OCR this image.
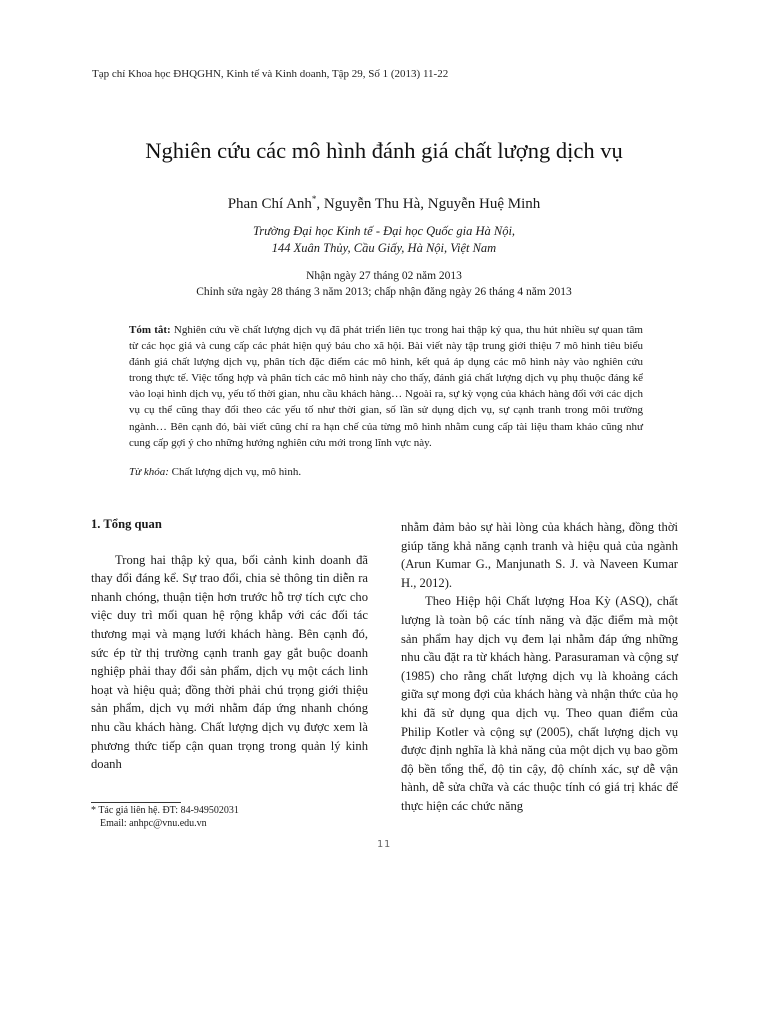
Tạp chí Khoa học ĐHQGHN, Kinh tế và Kinh doanh, Tập 29, Số 1 (2013) 11-22
Nghiên cứu các mô hình đánh giá chất lượng dịch vụ
Phan Chí Anh*, Nguyễn Thu Hà, Nguyễn Huệ Minh
Trường Đại học Kinh tế - Đại học Quốc gia Hà Nội,
144 Xuân Thủy, Cầu Giấy, Hà Nội, Việt Nam
Nhận ngày 27 tháng 02 năm 2013
Chỉnh sửa ngày 28 tháng 3 năm 2013; chấp nhận đăng ngày 26 tháng 4 năm 2013
Tóm tắt: Nghiên cứu về chất lượng dịch vụ đã phát triển liên tục trong hai thập kỷ qua, thu hút nhiều sự quan tâm từ các học giả và cung cấp các phát hiện quý báu cho xã hội. Bài viết này tập trung giới thiệu 7 mô hình tiêu biểu đánh giá chất lượng dịch vụ, phân tích đặc điểm các mô hình, kết quả áp dụng các mô hình này vào nghiên cứu trong thực tế. Việc tổng hợp và phân tích các mô hình này cho thấy, đánh giá chất lượng dịch vụ phụ thuộc đáng kể vào loại hình dịch vụ, yếu tố thời gian, nhu cầu khách hàng… Ngoài ra, sự kỳ vọng của khách hàng đối với các dịch vụ cụ thể cũng thay đổi theo các yếu tố như thời gian, số lần sử dụng dịch vụ, sự cạnh tranh trong môi trường ngành… Bên cạnh đó, bài viết cũng chỉ ra hạn chế của từng mô hình nhằm cung cấp tài liệu tham khảo cũng như cung cấp gợi ý cho những hướng nghiên cứu mới trong lĩnh vực này.
Từ khóa: Chất lượng dịch vụ, mô hình.
1. Tổng quan

Trong hai thập kỷ qua, bối cảnh kinh doanh đã thay đổi đáng kể. Sự trao đổi, chia sẻ thông tin diễn ra nhanh chóng, thuận tiện hơn trước hỗ trợ tích cực cho việc duy trì mối quan hệ rộng khắp với các đối tác thương mại và mạng lưới khách hàng. Bên cạnh đó, sức ép từ thị trường cạnh tranh gay gắt buộc doanh nghiệp phải thay đổi sản phẩm, dịch vụ một cách linh hoạt và hiệu quả; đồng thời phải chú trọng giới thiệu sản phẩm, dịch vụ mới nhằm đáp ứng nhanh chóng nhu cầu khách hàng. Chất lượng dịch vụ được xem là phương thức tiếp cận quan trọng trong quản lý kinh doanh

nhằm đảm bảo sự hài lòng của khách hàng, đồng thời giúp tăng khả năng cạnh tranh và hiệu quả của ngành (Arun Kumar G., Manjunath S. J. và Naveen Kumar H., 2012).

Theo Hiệp hội Chất lượng Hoa Kỳ (ASQ), chất lượng là toàn bộ các tính năng và đặc điểm mà một sản phẩm hay dịch vụ đem lại nhằm đáp ứng những nhu cầu đặt ra từ khách hàng. Parasuraman và cộng sự (1985) cho rằng chất lượng dịch vụ là khoảng cách giữa sự mong đợi của khách hàng và nhận thức của họ khi đã sử dụng qua dịch vụ. Theo quan điểm của Philip Kotler và cộng sự (2005), chất lượng dịch vụ được định nghĩa là khả năng của một dịch vụ bao gồm độ bền tổng thể, độ tin cậy, độ chính xác, sự dễ vận hành, dễ sửa chữa và các thuộc tính có giá trị khác để thực hiện các chức năng

* Tác giả liên hệ. ĐT: 84-949502031
Email: anhpc@vnu.edu.vn
11
